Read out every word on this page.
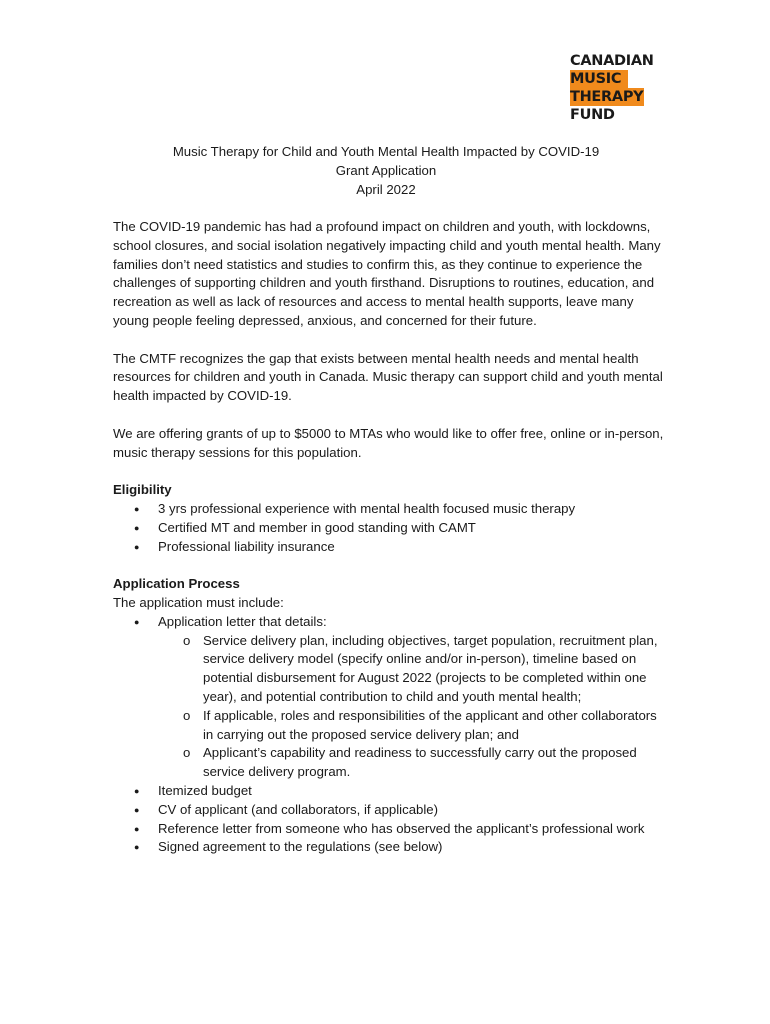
CANADIAN
MUSIC
THERAPY
FUND
Music Therapy for Child and Youth Mental Health Impacted by COVID-19
Grant Application
April 2022

The COVID-19 pandemic has had a profound impact on children and youth, with lockdowns, school closures, and social isolation negatively impacting child and youth mental health. Many families don’t need statistics and studies to confirm this, as they continue to experience the challenges of supporting children and youth firsthand. Disruptions to routines, education, and recreation as well as lack of resources and access to mental health supports, leave many young people feeling depressed, anxious, and concerned for their future.

The CMTF recognizes the gap that exists between mental health needs and mental health resources for children and youth in Canada. Music therapy can support child and youth mental health impacted by COVID-19.

We are offering grants of up to $5000 to MTAs who would like to offer free, online or in-person, music therapy sessions for this population.

Eligibility
● 3 yrs professional experience with mental health focused music therapy
● Certified MT and member in good standing with CAMT
● Professional liability insurance
Application Process
The application must include:
● Application letter that details:
o Service delivery plan, including objectives, target population, recruitment plan, service delivery model (specify online and/or in-person), timeline based on potential disbursement for August 2022 (projects to be completed within one year), and potential contribution to child and youth mental health;
o If applicable, roles and responsibilities of the applicant and other collaborators in carrying out the proposed service delivery plan; and
o Applicant’s capability and readiness to successfully carry out the proposed service delivery program.
● Itemized budget
● CV of applicant (and collaborators, if applicable)
● Reference letter from someone who has observed the applicant’s professional work
● Signed agreement to the regulations (see below)
